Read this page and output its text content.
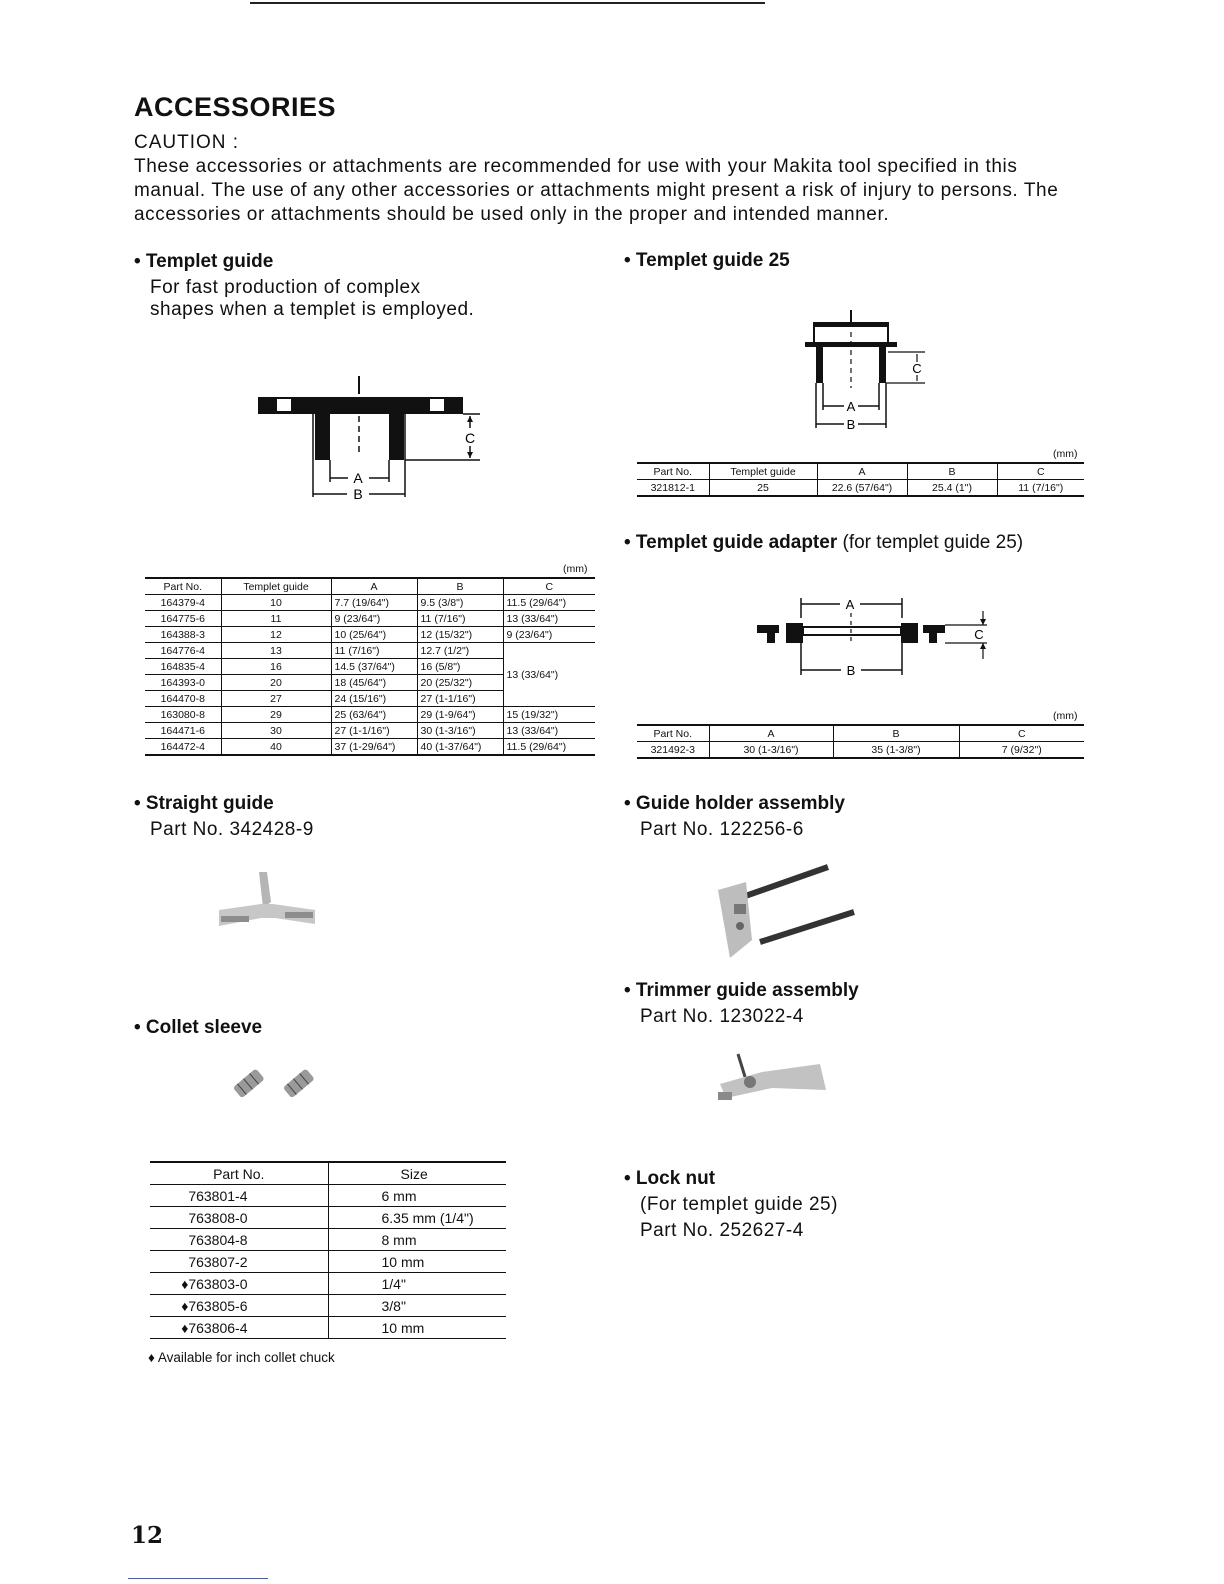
ACCESSORIES
CAUTION :
These accessories or attachments are recommended for use with your Makita tool specified in this manual. The use of any other accessories or attachments might present a risk of injury to persons. The accessories or attachments should be used only in the proper and intended manner.
• Templet guide
For fast production of complex
shapes when a templet is employed.
A
B
C
(mm)
Part No.	Templet guide	A	B	C
164379-4	10	7.7 (19/64")	9.5 (3/8")	11.5 (29/64")
164775-6	11	9 (23/64")	11 (7/16")	13 (33/64")
164388-3	12	10 (25/64")	12 (15/32")	9 (23/64")
164776-4	13	11 (7/16")	12.7 (1/2")	13 (33/64")
164835-4	16	14.5 (37/64")	16 (5/8")	
164393-0	20	18 (45/64")	20 (25/32")	
164470-8	27	24 (15/16")	27 (1-1/16")	
163080-8	29	25 (63/64")	29 (1-9/64")	15 (19/32")
164471-6	30	27 (1-1/16")	30 (1-3/16")	13 (33/64")
164472-4	40	37 (1-29/64")	40 (1-37/64")	11.5 (29/64")
• Templet guide 25
A
B
C
(mm)
Part No.	Templet guide	A	B	C
321812-1	25	22.6 (57/64")	25.4 (1")	11 (7/16")
• Templet guide adapter (for templet guide 25)
A
B
C
(mm)
Part No.	A	B	C
321492-3	30 (1-3/16")	35 (1-3/8")	7 (9/32")
• Straight guide
Part No. 342428-9
• Guide holder assembly
Part No. 122256-6
• Trimmer guide assembly
Part No. 123022-4
• Collet sleeve
Part No.	Size
763801-4	6 mm
763808-0	6.35 mm (1/4")
763804-8	8 mm
763807-2	10 mm
♦763803-0	1/4"
♦763805-6	3/8"
♦763806-4	10 mm
♦ Available for inch collet chuck
• Lock nut
(For templet guide 25)
Part No. 252627-4
12
